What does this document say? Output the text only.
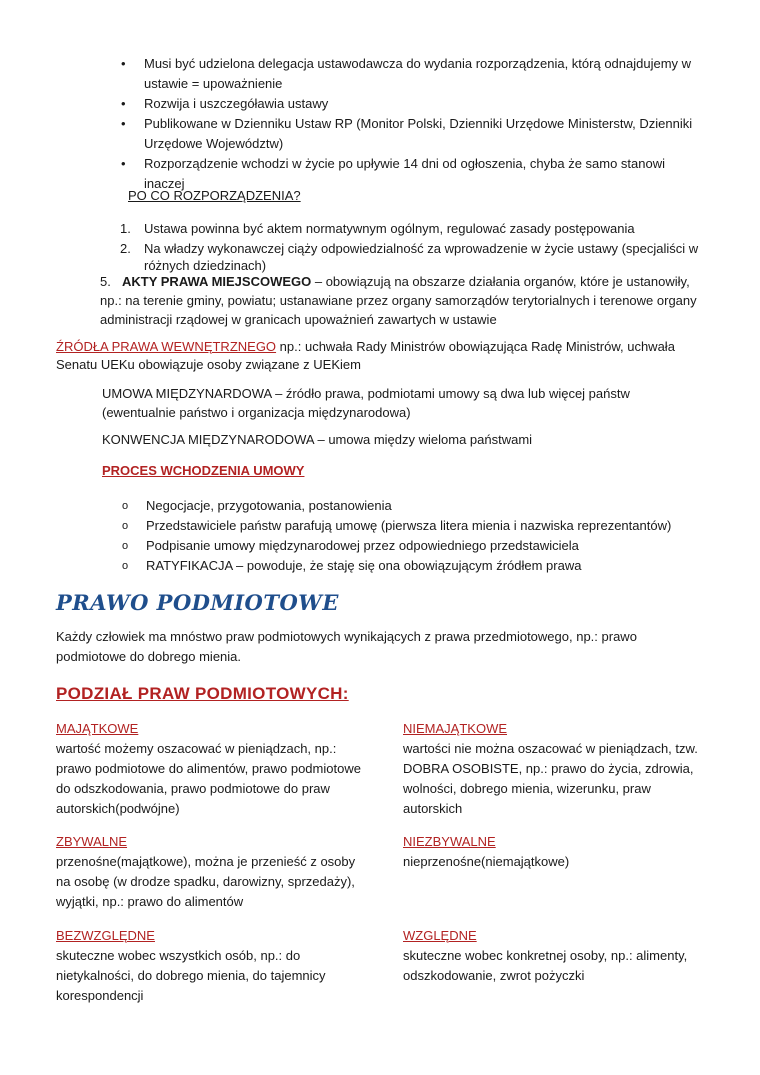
• Musi być udzielona delegacja ustawodawcza do wydania rozporządzenia, którą odnajdujemy w ustawie = upoważnienie
• Rozwija i uszczegóławia ustawy
• Publikowane w Dzienniku Ustaw RP (Monitor Polski, Dzienniki Urzędowe Ministerstw, Dzienniki Urzędowe Województw)
• Rozporządzenie wchodzi w życie po upływie 14 dni od ogłoszenia, chyba że samo stanowi inaczej
PO CO ROZPORZĄDZENIA?
1. Ustawa powinna być aktem normatywnym ogólnym, regulować zasady postępowania
2. Na władzy wykonawczej ciąży odpowiedzialność za wprowadzenie w życie ustawy (specjaliści w różnych dziedzinach)
5. AKTY PRAWA MIEJSCOWEGO – obowiązują na obszarze działania organów, które je ustanowiły, np.: na terenie gminy, powiatu; ustanawiane przez organy samorządów terytorialnych i terenowe organy administracji rządowej w granicach upoważnień zawartych w ustawie
ŹRÓDŁA PRAWA WEWNĘTRZNEGO np.: uchwała Rady Ministrów obowiązująca Radę Ministrów, uchwała Senatu UEKu obowiązuje osoby związane z UEKiem
UMOWA MIĘDZYNARDOWA – źródło prawa, podmiotami umowy są dwa lub więcej państw (ewentualnie państwo i organizacja międzynarodowa)
KONWENCJA MIĘDZYNARODOWA – umowa między wieloma państwami
PROCES WCHODZENIA UMOWY
o Negocjacje, przygotowania, postanowienia
o Przedstawiciele państw parafują umowę (pierwsza litera mienia i nazwiska reprezentantów)
o Podpisanie umowy międzynarodowej przez odpowiedniego przedstawiciela
o RATYFIKACJA – powoduje, że staję się ona obowiązującym źródłem prawa
PRAWO PODMIOTOWE
Każdy człowiek ma mnóstwo praw podmiotowych wynikających z prawa przedmiotowego, np.: prawo podmiotowe do dobrego mienia.
PODZIAŁ PRAW PODMIOTOWYCH:
MAJĄTKOWE
wartość możemy oszacować w pieniądzach, np.: prawo podmiotowe do alimentów, prawo podmiotowe do odszkodowania, prawo podmiotowe do praw autorskich(podwójne)
NIEMAJĄTKOWE
wartości nie można oszacować w pieniądzach, tzw. DOBRA OSOBISTE, np.: prawo do życia, zdrowia, wolności, dobrego mienia, wizerunku, praw autorskich
ZBYWALNE
przenośne(majątkowe), można je przenieść z osoby na osobę (w drodze spadku, darowizny, sprzedaży), wyjątki, np.: prawo do alimentów
NIEZBYWALNE
nieprzenośne(niemajątkowe)
BEZWZGLĘDNE
skuteczne wobec wszystkich osób, np.: do nietykalności, do dobrego mienia, do tajemnicy korespondencji
WZGLĘDNE
skuteczne wobec konkretnej osoby, np.: alimenty, odszkodowanie, zwrot pożyczki
